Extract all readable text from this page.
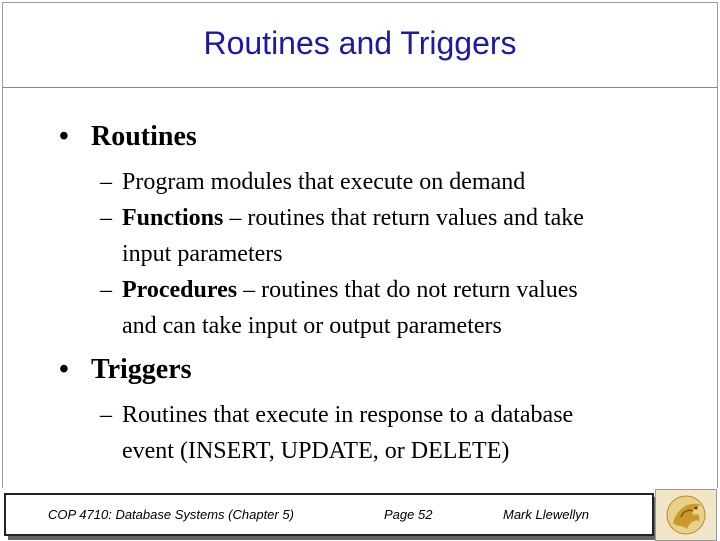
Routines and Triggers
• Routines
– Program modules that execute on demand
– Functions – routines that return values and take
input parameters
– Procedures – routines that do not return values
and can take input or output parameters
• Triggers
– Routines that execute in response to a database
event (INSERT, UPDATE, or DELETE)
COP 4710: Database Systems (Chapter 5)	Page 52	Mark Llewellyn
